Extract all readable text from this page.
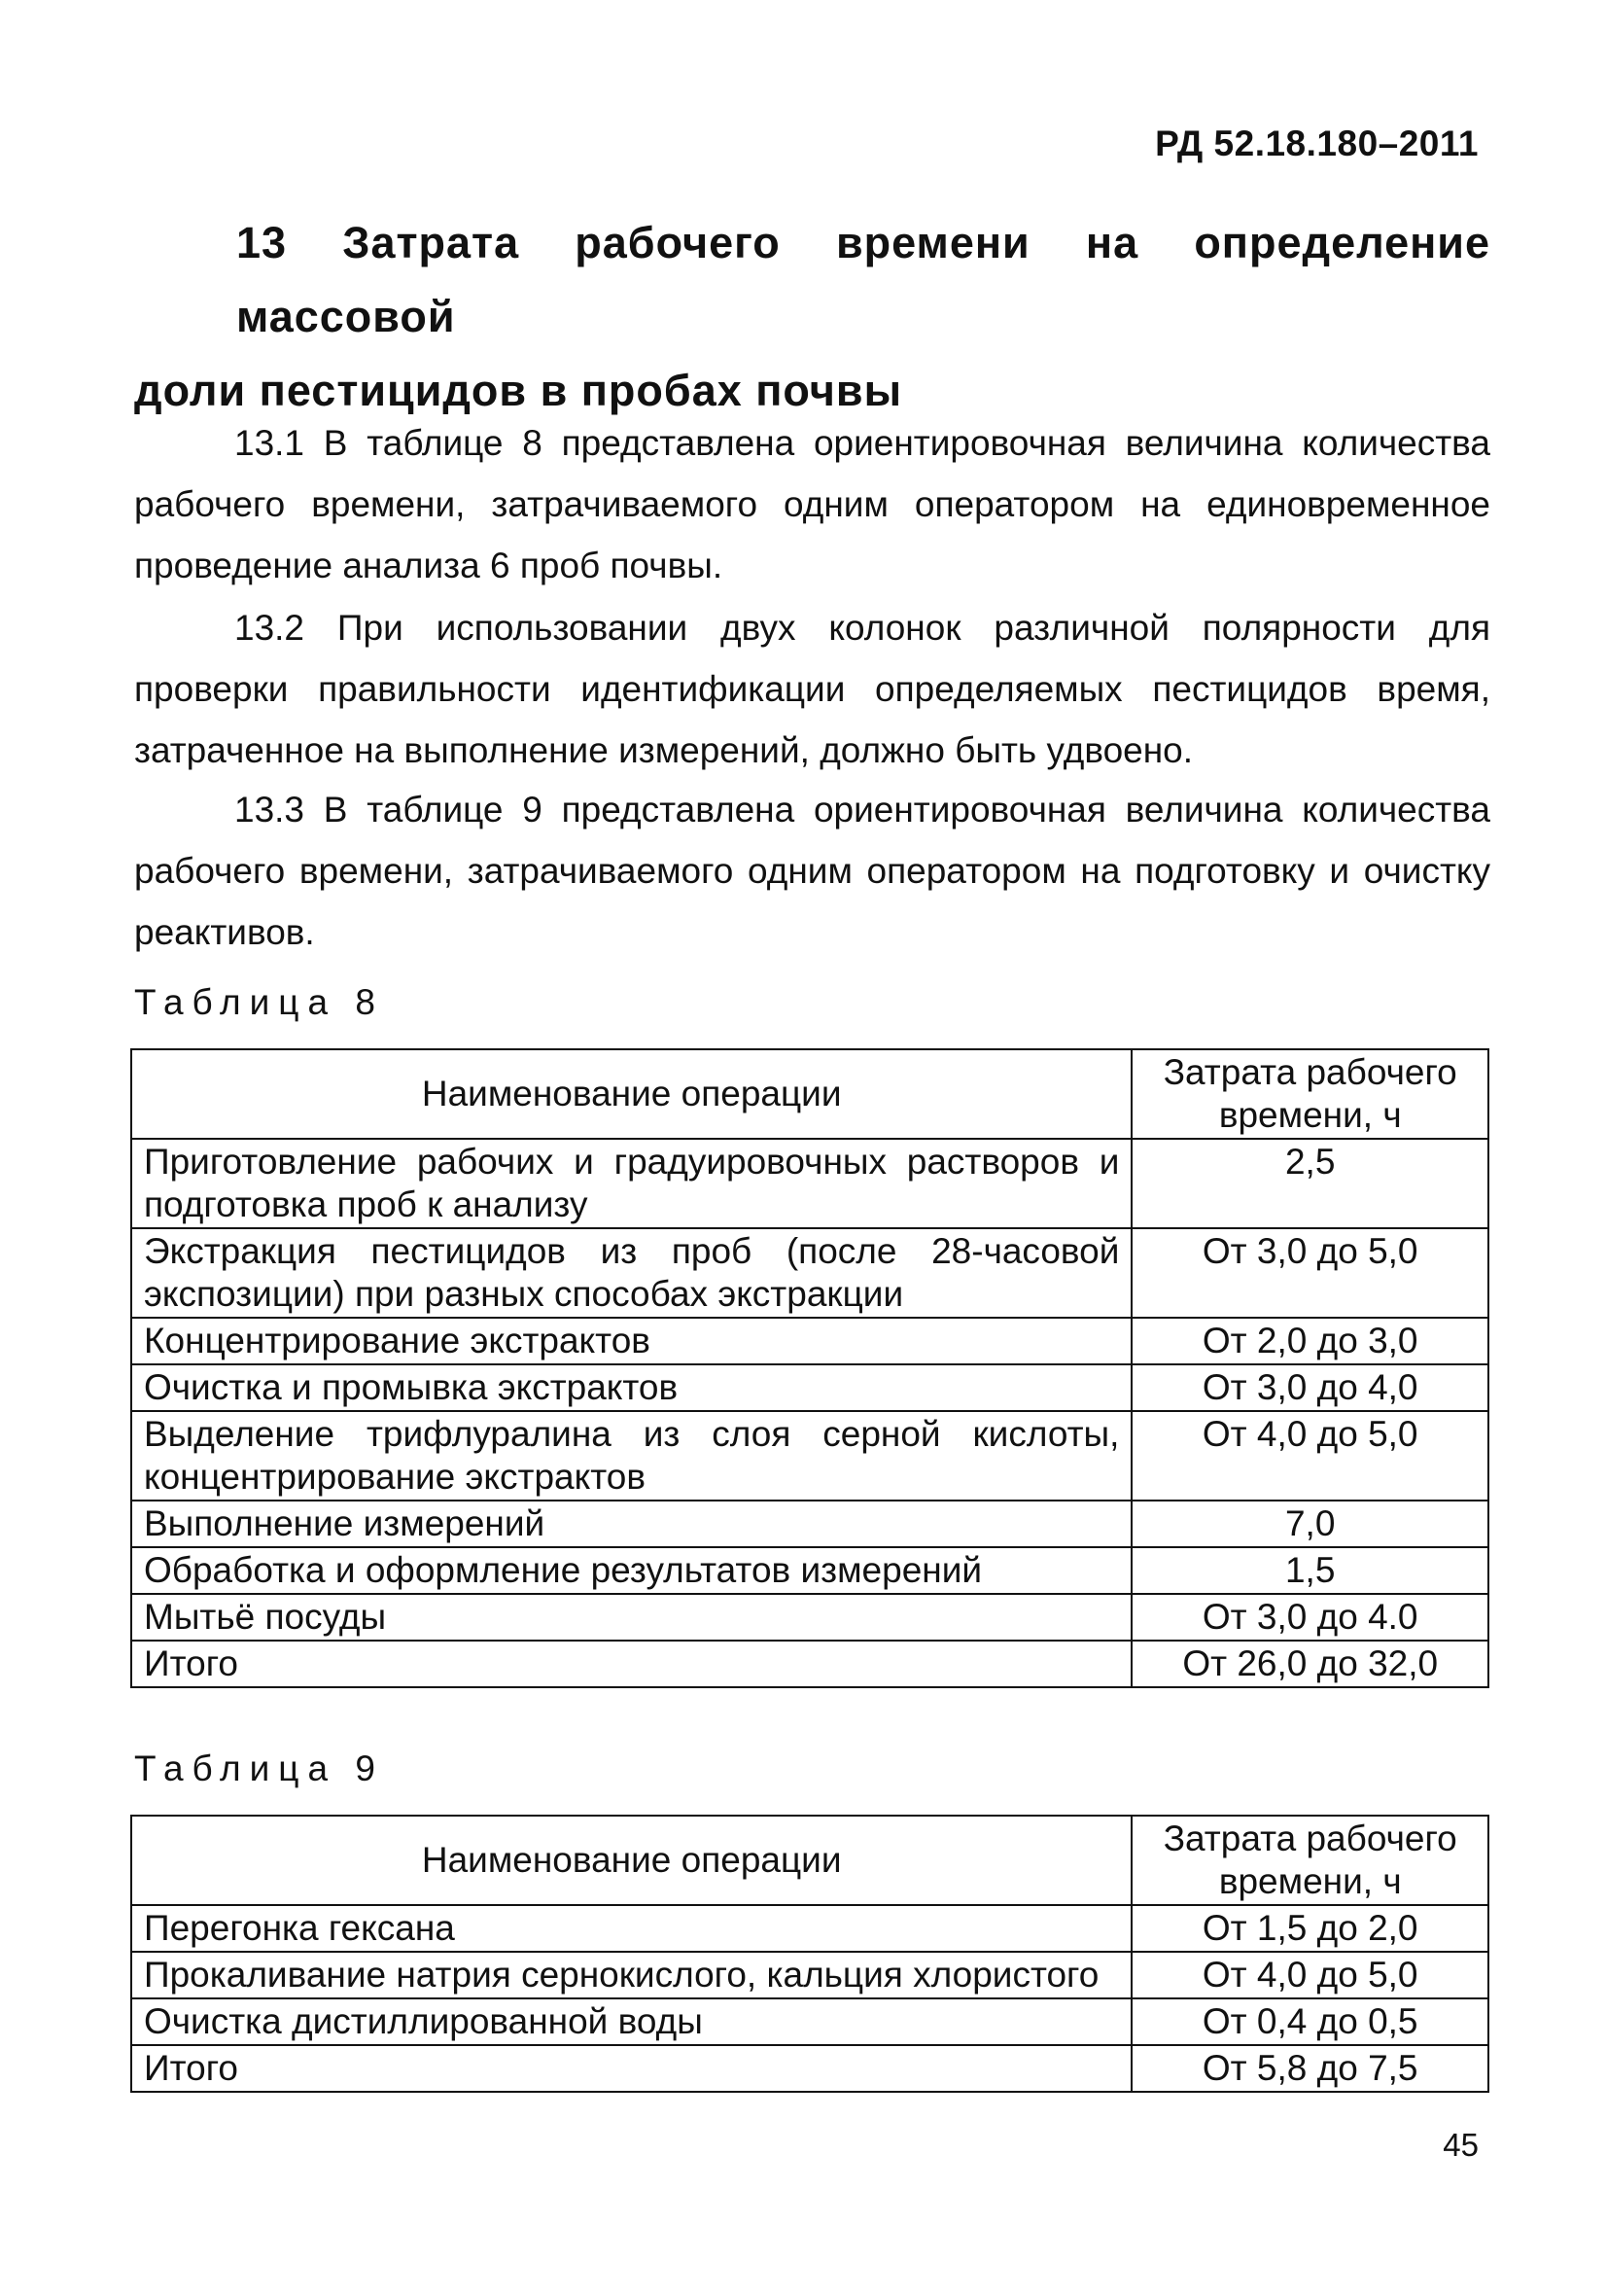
РД 52.18.180–2011
13 Затрата рабочего времени на определение массовой
доли пестицидов в пробах почвы

13.1 В таблице 8 представлена ориентировочная величина количества рабочего времени, затрачиваемого одним оператором на единовременное проведение анализа 6 проб почвы.

13.2 При использовании двух колонок различной полярности для проверки правильности идентификации определяемых пестицидов время, затраченное на выполнение измерений, должно быть удвоено.

13.3 В таблице 9 представлена ориентировочная величина количества рабочего времени, затрачиваемого одним оператором на подготовку и очистку реактивов.

Таблица 8

Наименование операции	Затрата рабочего времени, ч
Приготовление рабочих и градуировочных растворов и подготовка проб к анализу	2,5
Экстракция пестицидов из проб (после 28-часовой экспозиции) при разных способах экстракции	От 3,0 до 5,0
Концентрирование экстрактов	От 2,0 до 3,0
Очистка и промывка экстрактов	От 3,0 до 4,0
Выделение трифлуралина из слоя серной кислоты, концентрирование экстрактов	От 4,0 до 5,0
Выполнение измерений	7,0
Обработка и оформление результатов измерений	1,5
Мытьё посуды	От 3,0 до 4.0
Итого	От 26,0 до 32,0

Таблица 9

Наименование операции	Затрата рабочего времени, ч
Перегонка гексана	От 1,5 до 2,0
Прокаливание натрия сернокислого, кальция хлористого	От 4,0 до 5,0
Очистка дистиллированной воды	От 0,4 до 0,5
Итого	От 5,8 до 7,5
45
